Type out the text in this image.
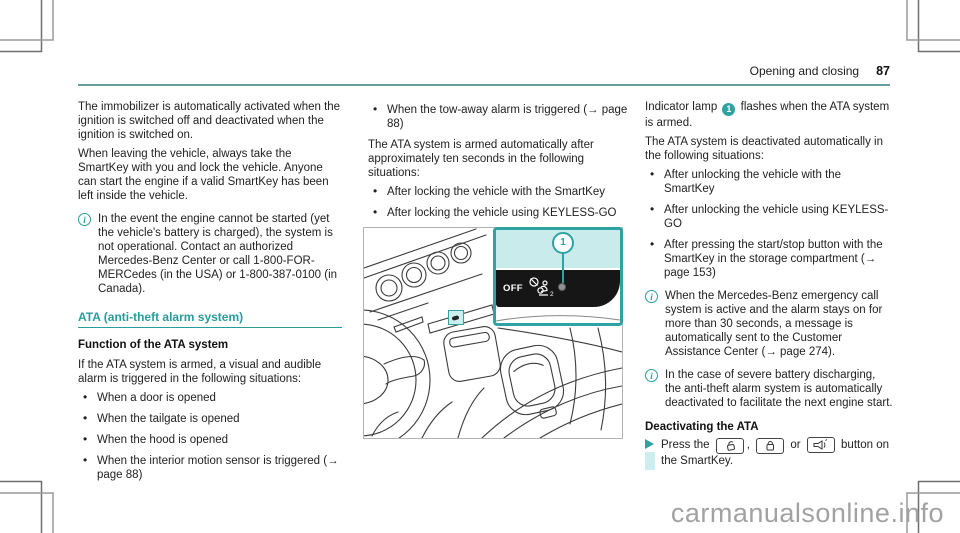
Opening and closing 87

The immobilizer is automatically activated when the ignition is switched off and deactivated when the ignition is switched on.

When leaving the vehicle, always take the SmartKey with you and lock the vehicle. Anyone can start the engine if a valid SmartKey has been left inside the vehicle.

i	In the event the engine cannot be started (yet the vehicle's battery is charged), the system is not operational. Contact an authorized Mercedes-Benz Center or call 1-800-FOR-MERCedes (in the USA) or 1-800-387-0100 (in Canada).
ATA (anti-theft alarm system)
Function of the ATA system

If the ATA system is armed, a visual and audible alarm is triggered in the following situations:

• When a door is opened
• When the tailgate is opened
• When the hood is opened
• When the interior motion sensor is triggered (→ page 88)
• When the tow-away alarm is triggered (→ page 88)

The ATA system is armed automatically after approximately ten seconds in the following situations:

• After locking the vehicle with the SmartKey
• After locking the vehicle using KEYLESS-GO
OFF
2
1

Indicator lamp 1 flashes when the ATA system is armed.

The ATA system is deactivated automatically in the following situations:

• After unlocking the vehicle with the SmartKey
• After unlocking the vehicle using KEYLESS-GO
• After pressing the start/stop button with the SmartKey in the storage compartment (→ page 153)
i	When the Mercedes-Benz emergency call system is active and the alarm stays on for more than 30 seconds, a message is automatically sent to the Customer Assistance Center (→ page 274).
i	In the case of severe battery discharging, the anti-theft alarm system is automatically deactivated to facilitate the next engine start.
Deactivating the ATA
Press the	,	or	button on the SmartKey.
carmanualsonline.info
